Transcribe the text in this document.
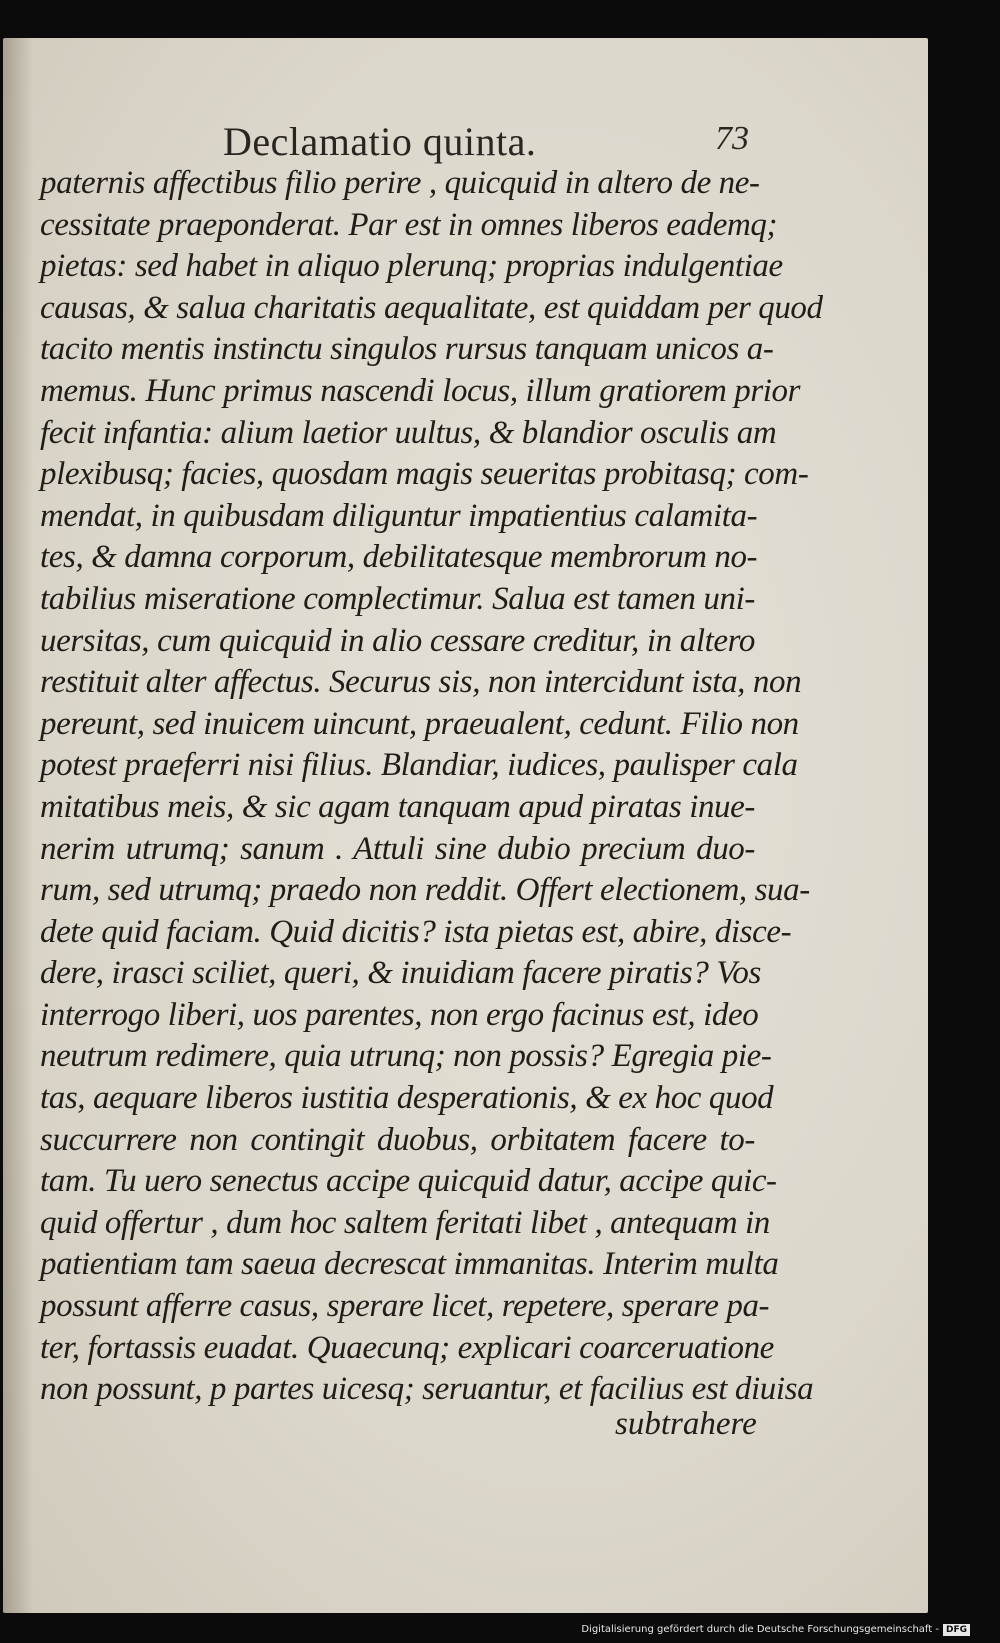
Declamatio quinta.	73
paternis affectibus filio perire , quicquid in altero de ne-
cessitate praeponderat. Par est in omnes liberos eademq;
pietas: sed habet in aliquo plerunq; proprias indulgentiae
causas, & salua charitatis aequalitate, est quiddam per quod
tacito mentis instinctu singulos rursus tanquam unicos a-
memus. Hunc primus nascendi locus, illum gratiorem prior
fecit infantia: alium laetior uultus, & blandior osculis am
plexibusq; facies, quosdam magis seueritas probitasq; com-
mendat, in quibusdam diliguntur impatientius calamita-
tes, & damna corporum, debilitatesque membrorum no-
tabilius miseratione complectimur. Salua est tamen uni-
uersitas, cum quicquid in alio cessare creditur, in altero
restituit alter affectus. Securus sis, non intercidunt ista, non
pereunt, sed inuicem uincunt, praeualent, cedunt. Filio non
potest praeferri nisi filius. Blandiar, iudices, paulisper cala
mitatibus meis, & sic agam tanquam apud piratas inue-
nerim utrumq; sanum . Attuli sine dubio precium duo-
rum, sed utrumq; praedo non reddit. Offert electionem, sua-
dete quid faciam. Quid dicitis? ista pietas est, abire, disce-
dere, irasci sciliet, queri, & inuidiam facere piratis? Vos
interrogo liberi, uos parentes, non ergo facinus est, ideo
neutrum redimere, quia utrunq; non possis? Egregia pie-
tas, aequare liberos iustitia desperationis, & ex hoc quod
succurrere non contingit duobus, orbitatem facere to-
tam. Tu uero senectus accipe quicquid datur, accipe quic-
quid offertur , dum hoc saltem feritati libet , antequam in
patientiam tam saeua decrescat immanitas. Interim multa
possunt afferre casus, sperare licet, repetere, sperare pa-
ter, fortassis euadat. Quaecunq; explicari coarceruatione
non possunt, p partes uicesq; seruantur, et facilius est diuisa
subtrahere
Digitalisierung gefördert durch die Deutsche Forschungsgemeinschaft - DFG
